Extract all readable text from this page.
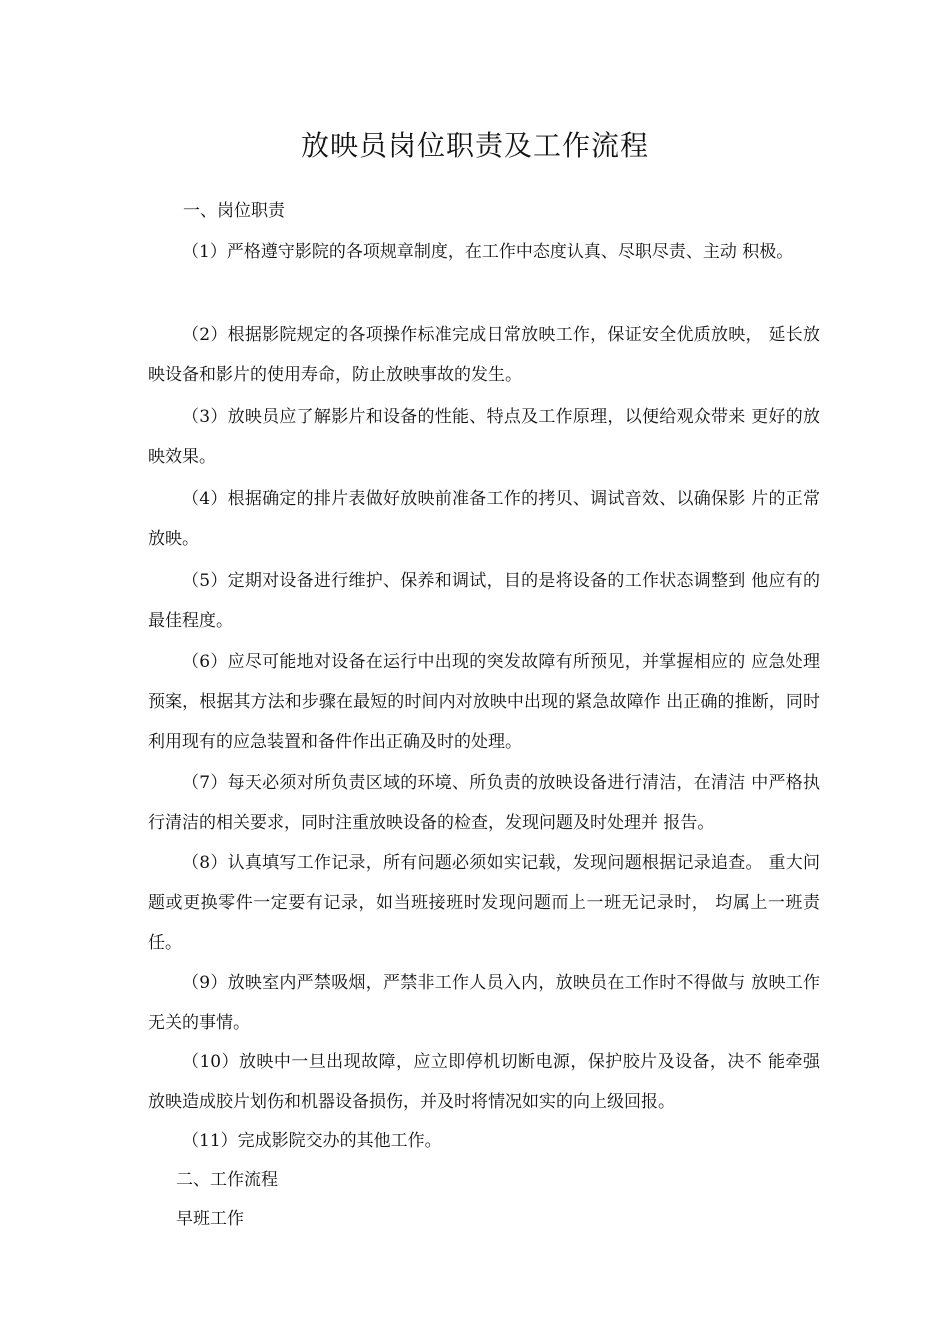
放映员岗位职责及工作流程
一、岗位职责
（1）严格遵守影院的各项规章制度，在工作中态度认真、尽职尽责、主动 积极。
（2）根据影院规定的各项操作标准完成日常放映工作，保证安全优质放映， 延长放映设备和影片的使用寿命，防止放映事故的发生。
（3）放映员应了解影片和设备的性能、特点及工作原理，以便给观众带来 更好的放映效果。
（4）根据确定的排片表做好放映前准备工作的拷贝、调试音效、以确保影 片的正常放映。
（5）定期对设备进行维护、保养和调试，目的是将设备的工作状态调整到 他应有的最佳程度。
（6）应尽可能地对设备在运行中出现的突发故障有所预见，并掌握相应的 应急处理预案，根据其方法和步骤在最短的时间内对放映中出现的紧急故障作 出正确的推断，同时利用现有的应急装置和备件作出正确及时的处理。
（7）每天必须对所负责区域的环境、所负责的放映设备进行清洁，在清洁 中严格执行清洁的相关要求，同时注重放映设备的检查，发现问题及时处理并 报告。
（8）认真填写工作记录，所有问题必须如实记载，发现问题根据记录追查。 重大问题或更换零件一定要有记录，如当班接班时发现问题而上一班无记录时， 均属上一班责任。
（9）放映室内严禁吸烟，严禁非工作人员入内，放映员在工作时不得做与 放映工作无关的事情。
（10）放映中一旦出现故障，应立即停机切断电源，保护胶片及设备，决不 能牵强放映造成胶片划伤和机器设备损伤，并及时将情况如实的向上级回报。
（11）完成影院交办的其他工作。
二、工作流程
早班工作
